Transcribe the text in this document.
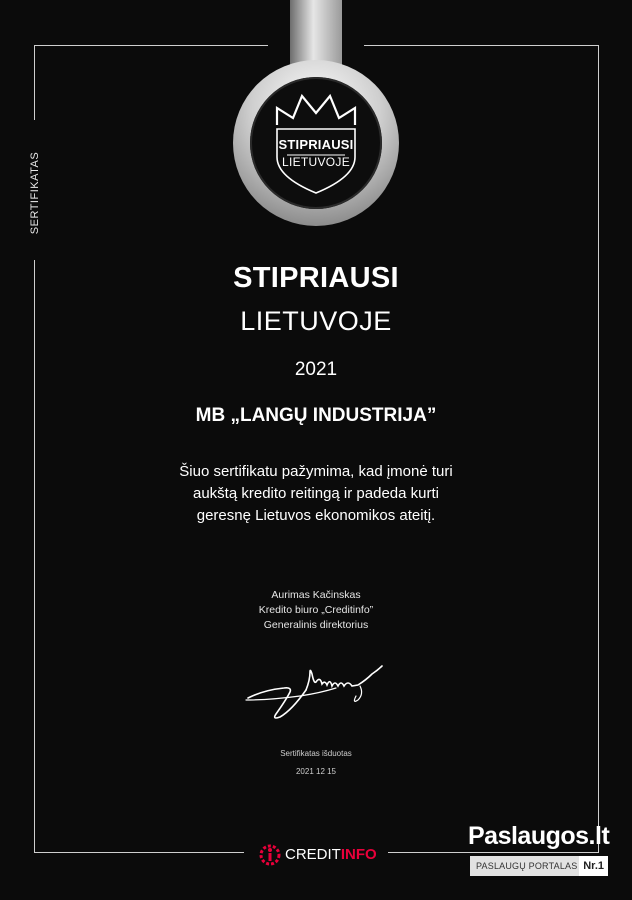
SERTIFIKATAS
STIPRIAUSI
LIETUVOJE
STIPRIAUSI
LIETUVOJE
2021
MB „LANGŲ INDUSTRIJA”
Šiuo sertifikatu pažymima, kad įmonė turi
aukštą kredito reitingą ir padeda kurti
geresnę Lietuvos ekonomikos ateitį.
Aurimas Kačinskas
Kredito biuro „Creditinfo”
Generalinis direktorius
Sertifikatas išduotas
2021 12 15
CREDITINFO
Paslaugos.lt
PASLAUGŲ PORTALAS Nr.1
